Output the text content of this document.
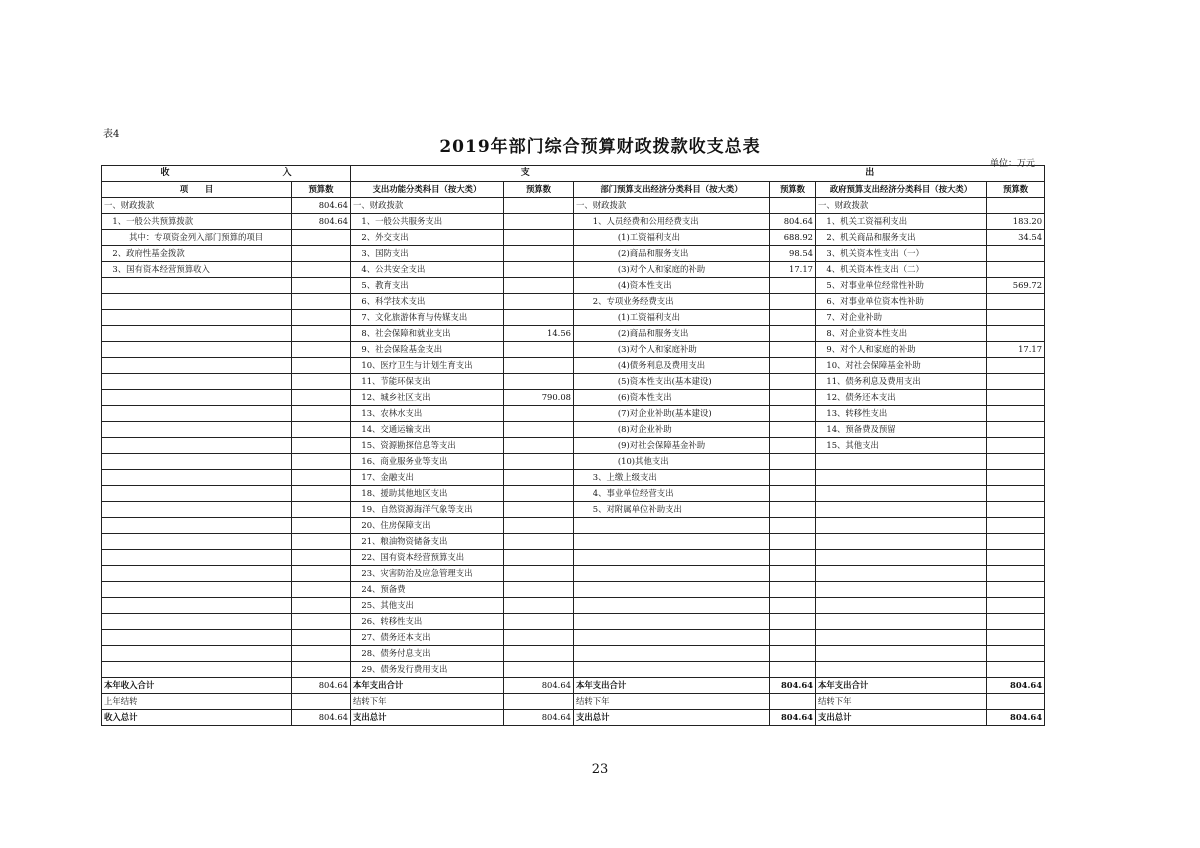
表4
2019年部门综合预算财政拨款收支总表
单位：万元
收 入		支 出					

项　　目	预算数	支出功能分类科目（按大类）	预算数	部门预算支出经济分类科目（按大类）	预算数	政府预算支出经济分类科目（按大类）	预算数
一、财政拨款	804.64	一、财政拨款		一、财政拨款		一、财政拨款	
　1、一般公共预算拨款	804.64	　1、一般公共服务支出		　　1、人员经费和公用经费支出	804.64	　1、机关工资福利支出	183.20
　　　其中：专项资金列入部门预算的项目		　2、外交支出		　　　　　(1)工资福利支出	688.92	　2、机关商品和服务支出	34.54
　2、政府性基金拨款		　3、国防支出		　　　　　(2)商品和服务支出	98.54	　3、机关资本性支出（一）	
　3、国有资本经营预算收入		　4、公共安全支出		　　　　　(3)对个人和家庭的补助	17.17	　4、机关资本性支出（二）	
		　5、教育支出		　　　　　(4)资本性支出		　5、对事业单位经常性补助	569.72
		　6、科学技术支出		　　2、专项业务经费支出		　6、对事业单位资本性补助	
		　7、文化旅游体育与传媒支出		　　　　　(1)工资福利支出		　7、对企业补助	
		　8、社会保障和就业支出	14.56	　　　　　(2)商品和服务支出		　8、对企业资本性支出	
		　9、社会保险基金支出		　　　　　(3)对个人和家庭补助		　9、对个人和家庭的补助	17.17
		　10、医疗卫生与计划生育支出		　　　　　(4)债务利息及费用支出		　10、对社会保障基金补助	
		　11、节能环保支出		　　　　　(5)资本性支出(基本建设)		　11、债务利息及费用支出	
		　12、城乡社区支出	790.08	　　　　　(6)资本性支出		　12、债务还本支出	
		　13、农林水支出		　　　　　(7)对企业补助(基本建设)		　13、转移性支出	
		　14、交通运输支出		　　　　　(8)对企业补助		　14、预备费及预留	
		　15、资源勘探信息等支出		　　　　　(9)对社会保障基金补助		　15、其他支出	
		　16、商业服务业等支出		　　　　　(10)其他支出			
		　17、金融支出		　　3、上缴上级支出			
		　18、援助其他地区支出		　　4、事业单位经营支出			
		　19、自然资源海洋气象等支出		　　5、对附属单位补助支出			
		　20、住房保障支出					
		　21、粮油物资储备支出					
		　22、国有资本经营预算支出					
		　23、灾害防治及应急管理支出					
		　24、预备费					
		　25、其他支出					
		　26、转移性支出					
		　27、债务还本支出					
		　28、债务付息支出					
		　29、债务发行费用支出					
本年收入合计	804.64	本年支出合计	804.64	本年支出合计	804.64	本年支出合计	804.64
上年结转		结转下年		结转下年		结转下年	
收入总计	804.64	支出总计	804.64	支出总计	804.64	支出总计	804.64
23
